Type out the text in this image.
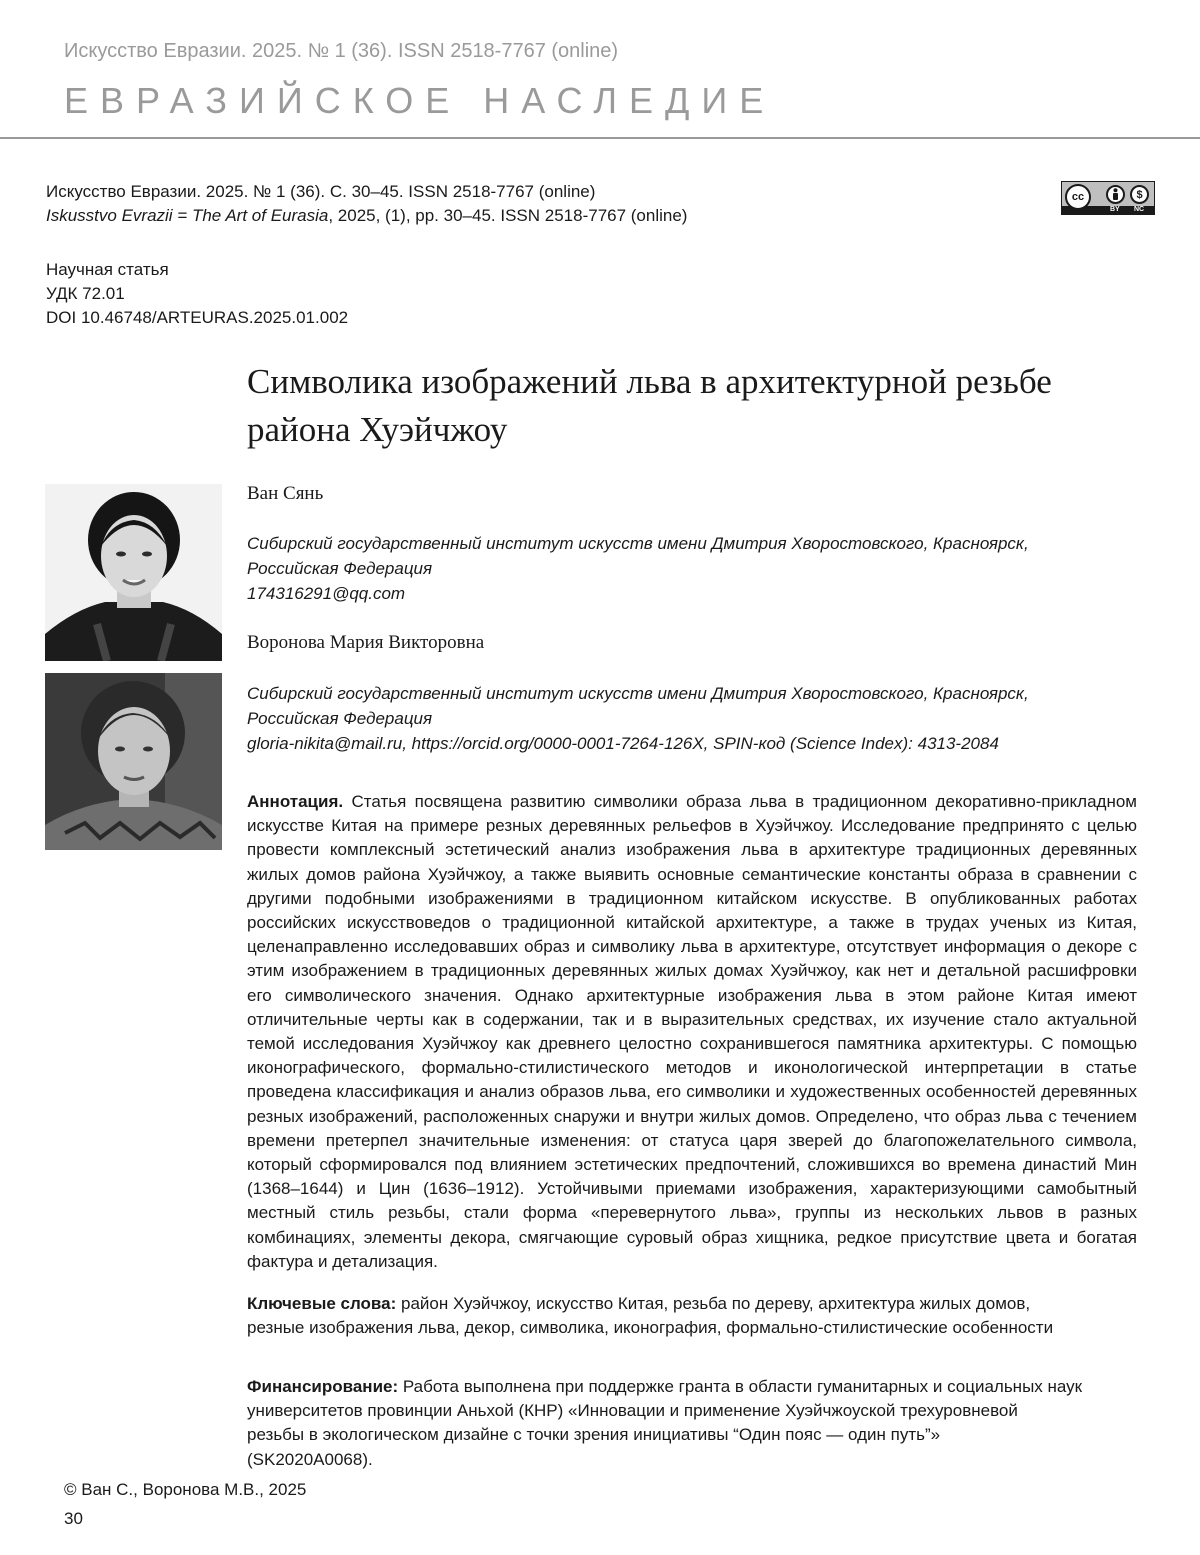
Искусство Евразии. 2025. № 1 (36). ISSN 2518-7767 (online)
ЕВРАЗИЙСКОЕ НАСЛЕДИЕ
Искусство Евразии. 2025. № 1 (36). С. 30–45. ISSN 2518-7767 (online)
Iskusstvo Evrazii = The Art of Eurasia, 2025, (1), pp. 30–45. ISSN 2518-7767 (online)
cc	$
BY NC
Научная статья
УДК 72.01
DOI 10.46748/ARTEURAS.2025.01.002
Символика изображений льва в архитектурной резьбе
района Хуэйчжоу
Ван Сянь
Сибирский государственный институт искусств имени Дмитрия Хворостовского, Красноярск,
Российская Федерация
174316291@qq.com
Воронова Мария Викторовна
Сибирский государственный институт искусств имени Дмитрия Хворостовского, Красноярск,
Российская Федерация
gloria-nikita@mail.ru, https://orcid.org/0000-0001-7264-126X, SPIN-код (Science Index): 4313-2084
Аннотация. Статья посвящена развитию символики образа льва в традиционном декоративно-прикладном искусстве Китая на примере резных деревянных рельефов в Хуэйчжоу. Исследование предпринято с целью провести комплексный эстетический анализ изображения льва в архитектуре традиционных деревянных жилых домов района Хуэйчжоу, а также выявить основные семантические константы образа в сравнении с другими подобными изображениями в традиционном китайском искусстве. В опубликованных работах российских искусствоведов о традиционной китайской архитектуре, а также в трудах ученых из Китая, целенаправленно исследовавших образ и символику льва в архитектуре, отсутствует информация о декоре с этим изображением в традиционных деревянных жилых домах Хуэйчжоу, как нет и детальной расшифровки его символического значения. Однако архитектурные изображения льва в этом районе Китая имеют отличительные черты как в содержании, так и в выразительных средствах, их изучение стало актуальной темой исследования Хуэйчжоу как древнего целостно сохранившегося памятника архитектуры. С помощью иконографического, формально-стилистического методов и иконологической интерпретации в статье проведена классификация и анализ образов льва, его символики и художественных особенностей деревянных резных изображений, расположенных снаружи и внутри жилых домов. Определено, что образ льва с течением времени претерпел значительные изменения: от статуса царя зверей до благопожелательного символа, который сформировался под влиянием эстетических предпочтений, сложившихся во времена династий Мин (1368–1644) и Цин (1636–1912). Устойчивыми приемами изображения, характеризующими самобытный местный стиль резьбы, стали форма «перевернутого льва», группы из нескольких львов в разных комбинациях, элементы декора, смягчающие суровый образ хищника, редкое присутствие цвета и богатая фактура и детализация.
Ключевые слова: район Хуэйчжоу, искусство Китая, резьба по дереву, архитектура жилых домов,
резные изображения льва, декор, символика, иконография, формально-стилистические особенности
Финансирование: Работа выполнена при поддержке гранта в области гуманитарных и социальных наук
университетов провинции Аньхой (КНР) «Инновации и применение Хуэйчжоуской трехуровневой
резьбы в экологическом дизайне с точки зрения инициативы “Один пояс — один путь”»
(SK2020A0068).
© Ван С., Воронова М.В., 2025
30
